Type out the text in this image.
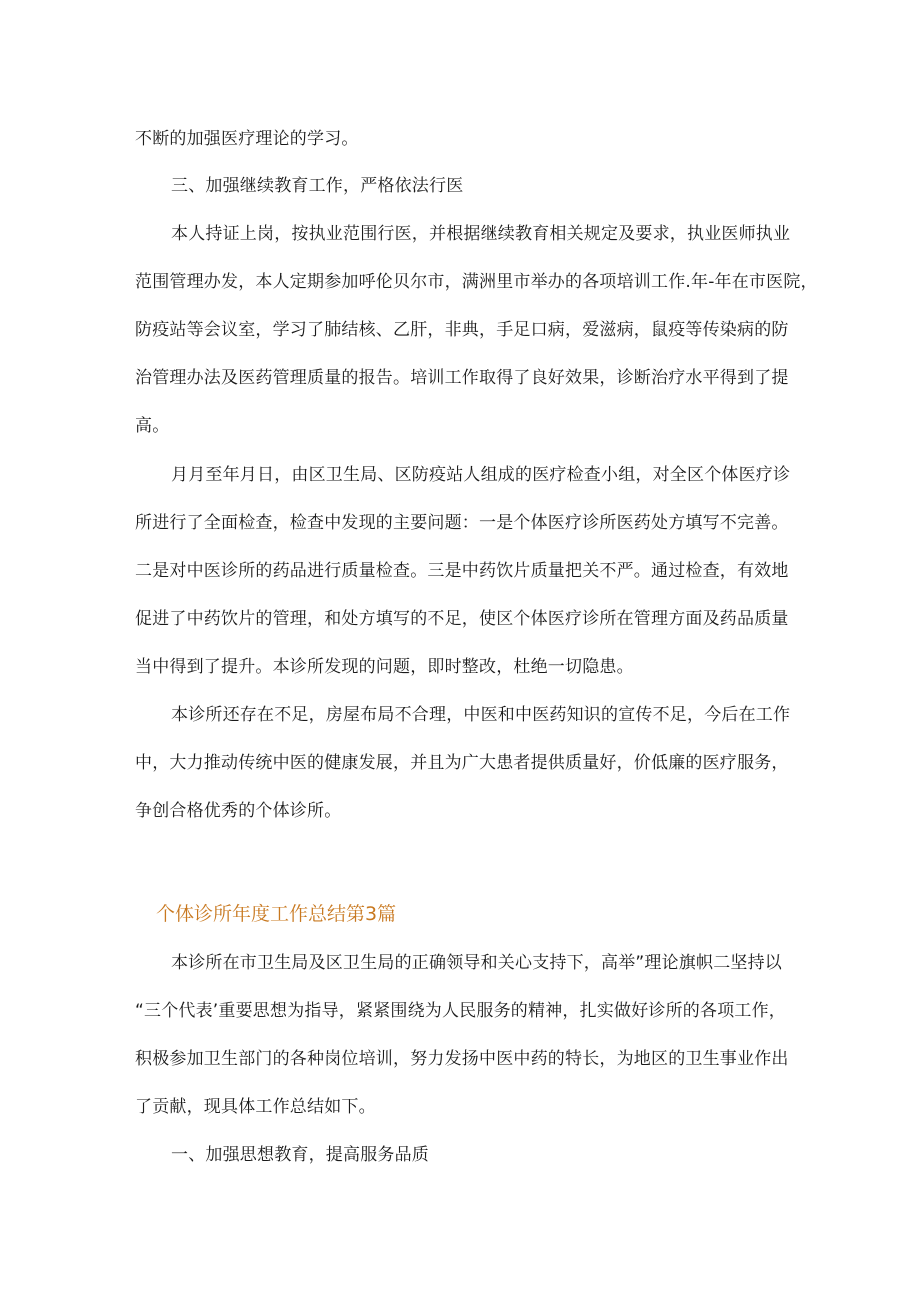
不断的加强医疗理论的学习。
三、加强继续教育工作，严格依法行医
本人持证上岗，按执业范围行医，并根据继续教育相关规定及要求，执业医师执业
范围管理办发，本人定期参加呼伦贝尔市，满洲里市举办的各项培训工作.年-年在市医院，
防疫站等会议室，学习了肺结核、乙肝，非典，手足口病，爱滋病，鼠疫等传染病的防
治管理办法及医药管理质量的报告。培训工作取得了良好效果，诊断治疗水平得到了提
高。
月月至年月日，由区卫生局、区防疫站人组成的医疗检查小组，对全区个体医疗诊
所进行了全面检查，检查中发现的主要问题：一是个体医疗诊所医药处方填写不完善。
二是对中医诊所的药品进行质量检查。三是中药饮片质量把关不严。通过检查，有效地
促进了中药饮片的管理，和处方填写的不足，使区个体医疗诊所在管理方面及药品质量
当中得到了提升。本诊所发现的问题，即时整改，杜绝一切隐患。
本诊所还存在不足，房屋布局不合理，中医和中医药知识的宣传不足，今后在工作
中，大力推动传统中医的健康发展，并且为广大患者提供质量好，价低廉的医疗服务，
争创合格优秀的个体诊所。
个体诊所年度工作总结第3篇
本诊所在市卫生局及区卫生局的正确领导和关心支持下，高举”理论旗帜二坚持以
“三个代表’重要思想为指导，紧紧围绕为人民服务的精神，扎实做好诊所的各项工作，
积极参加卫生部门的各种岗位培训，努力发扬中医中药的特长，为地区的卫生事业作出
了贡献，现具体工作总结如下。
一、加强思想教育，提高服务品质
